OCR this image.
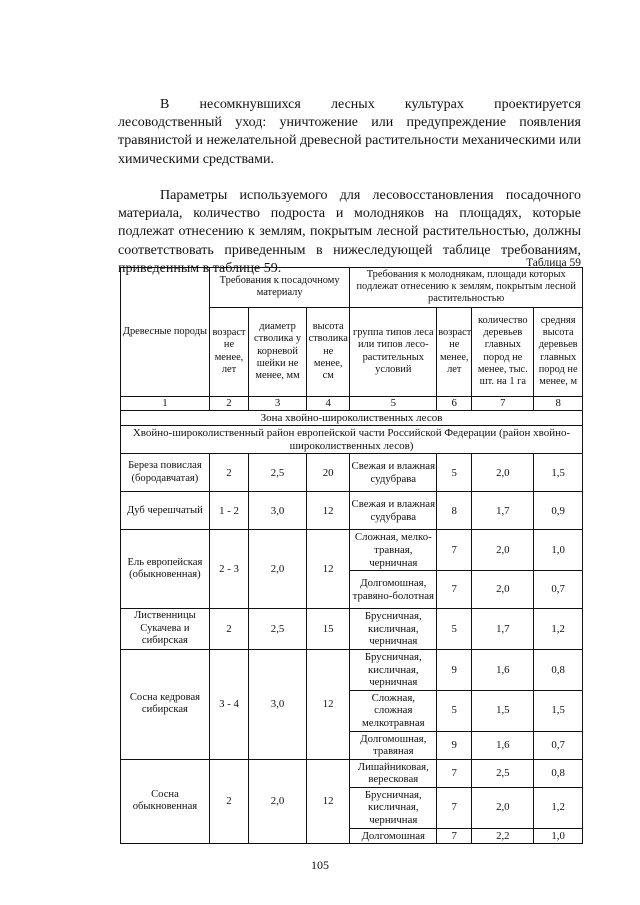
В несомкнувшихся лесных культурах проектируется лесоводственный уход: уничтожение или предупреждение появления травянистой и нежелательной древесной растительности механическими или химическими средствами.

Параметры используемого для лесовосстановления посадочного материала, количество подроста и молодняков на площадях, которые подлежат отнесению к землям, покрытым лесной растительностью, должны соответствовать приведенным в нижеследующей таблице требованиям, приведенным в таблице 59.	Таблица 59
Древесные породы	Требования к посадочному материалу			Требования к молоднякам, площади которых подлежат отнесению к землям, покрытым лесной растительностью			
	возраст не менее, лет	диаметр стволика у корневой шейки не менее, мм	высота стволика не менее, см	группа типов леса или типов лесо-растительных условий	возраст не менее, лет	количество деревьев главных пород не менее, тыс. шт. на 1 га	средняя высота деревьев главных пород не менее, м
1	2	3	4	5	6	7	8
Зона хвойно-широколиственных лесов							
Хвойно-широколиственный район европейской части Российской Федерации (район хвойно-широколиственных лесов)							
Береза повислая (бородавчатая)	2	2,5	20	Свежая и влажная судубрава	5	2,0	1,5
Дуб черешчатый	1 - 2	3,0	12	Свежая и влажная судубрава	8	1,7	0,9
Ель европейская (обыкновенная)	2 - 3	2,0	12	Сложная, мелко-травная, черничная	7	2,0	1,0
				Долгомошная, травяно-болотная	7	2,0	0,7
Лиственницы Сукачева и сибирская	2	2,5	15	Брусничная, кисличная, черничная	5	1,7	1,2
Сосна кедровая сибирская	3 - 4	3,0	12	Брусничная, кисличная, черничная	9	1,6	0,8
				Сложная, сложная мелкотравная	5	1,5	1,5
				Долгомошная, травяная	9	1,6	0,7
Сосна обыкновенная	2	2,0	12	Лишайниковая, вересковая	7	2,5	0,8
				Брусничная, кисличная, черничная	7	2,0	1,2
				Долгомошная	7	2,2	1,0
105
